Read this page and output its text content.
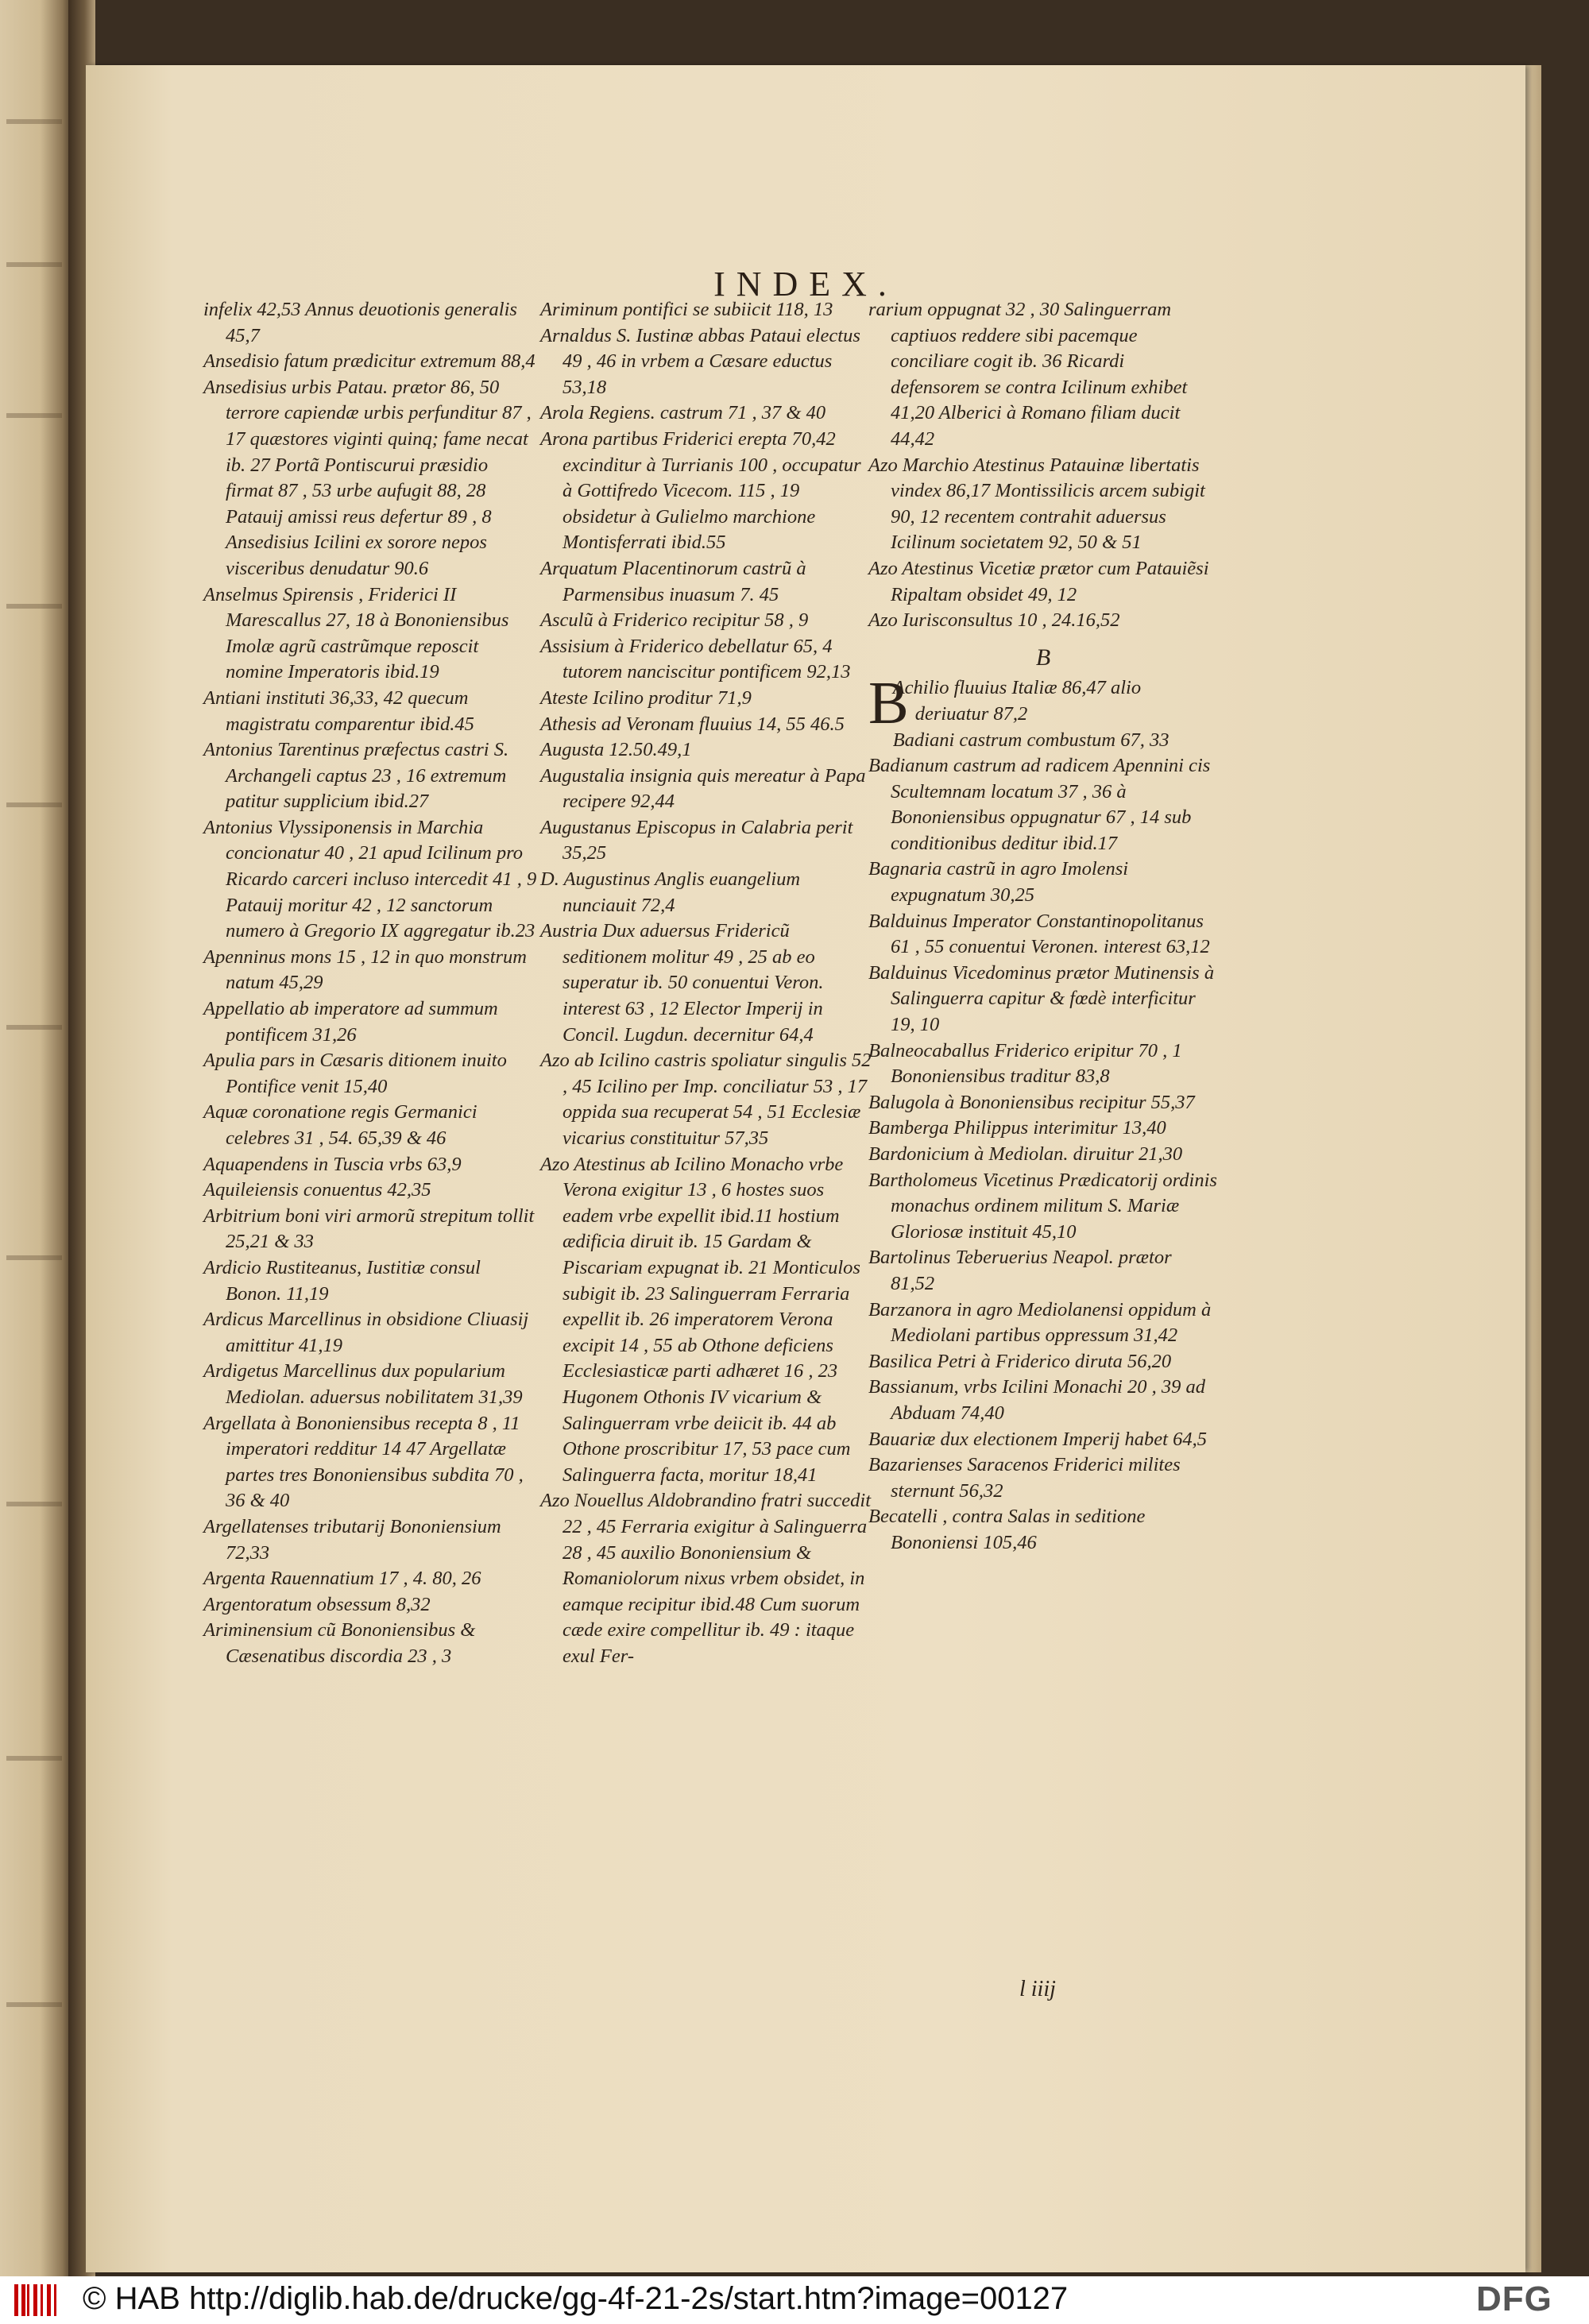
INDEX.

infelix 42,53 Annus deuotionis generalis 45,7

Ansedisio fatum prædicitur extremum 88,4

Ansedisius urbis Patau. prætor 86, 50 terrore capiendæ urbis perfunditur 87 , 17 quæstores viginti quinq; fame necat ib. 27 Portã Pontiscurui præsidio firmat 87 , 53 urbe aufugit 88, 28 Patauij amissi reus defertur 89 , 8 Ansedisius Icilini ex sorore nepos visceribus denudatur 90.6

Anselmus Spirensis , Friderici II Marescallus 27, 18 à Bononiensibus Imolæ agrũ castrũmque reposcit nomine Imperatoris ibid.19

Antiani instituti 36,33, 42 quecum magistratu comparentur ibid.45

Antonius Tarentinus præfectus castri S. Archangeli captus 23 , 16 extremum patitur supplicium ibid.27

Antonius Vlyssiponensis in Marchia concionatur 40 , 21 apud Icilinum pro Ricardo carceri incluso intercedit 41 , 9 Patauij moritur 42 , 12 sanctorum numero à Gregorio IX aggregatur ib.23

Apenninus mons 15 , 12 in quo monstrum natum 45,29

Appellatio ab imperatore ad summum pontificem 31,26

Apulia pars in Cæsaris ditionem inuito Pontifice venit 15,40

Aquæ coronatione regis Germanici celebres 31 , 54. 65,39 & 46

Aquapendens in Tuscia vrbs 63,9

Aquileiensis conuentus 42,35

Arbitrium boni viri armorũ strepitum tollit 25,21 & 33

Ardicio Rustiteanus, Iustitiæ consul Bonon. 11,19

Ardicus Marcellinus in obsidione Cliuasij amittitur 41,19

Ardigetus Marcellinus dux popularium Mediolan. aduersus nobilitatem 31,39

Argellata à Bononiensibus recepta 8 , 11 imperatori redditur 14 47 Argellatæ partes tres Bononiensibus subdita 70 , 36 & 40

Argellatenses tributarij Bononiensium 72,33

Argenta Rauennatium 17 , 4. 80, 26

Argentoratum obsessum 8,32

Ariminensium cũ Bononiensibus & Cæsenatibus discordia 23 , 3

Ariminum pontifici se subiicit 118, 13

Arnaldus S. Iustinæ abbas Pataui electus 49 , 46 in vrbem a Cæsare eductus 53,18

Arola Regiens. castrum 71 , 37 & 40

Arona partibus Friderici erepta 70,42 excinditur à Turrianis 100 , occupatur à Gottifredo Vicecom. 115 , 19 obsidetur à Gulielmo marchione Montisferrati ibid.55

Arquatum Placentinorum castrũ à Parmensibus inuasum 7. 45

Asculũ à Friderico recipitur 58 , 9

Assisium à Friderico debellatur 65, 4 tutorem nanciscitur pontificem 92,13

Ateste Icilino proditur 71,9

Athesis ad Veronam fluuius 14, 55 46.5

Augusta 12.50.49,1

Augustalia insignia quis mereatur à Papa recipere 92,44

Augustanus Episcopus in Calabria perit 35,25

D. Augustinus Anglis euangelium nunciauit 72,4

Austria Dux aduersus Fridericũ seditionem molitur 49 , 25 ab eo superatur ib. 50 conuentui Veron. interest 63 , 12 Elector Imperij in Concil. Lugdun. decernitur 64,4

Azo ab Icilino castris spoliatur singulis 52 , 45 Icilino per Imp. conciliatur 53 , 17 oppida sua recuperat 54 , 51 Ecclesiæ vicarius constituitur 57,35

Azo Atestinus ab Icilino Monacho vrbe Verona exigitur 13 , 6 hostes suos eadem vrbe expellit ibid.11 hostium ædificia diruit ib. 15 Gardam & Piscariam expugnat ib. 21 Monticulos subigit ib. 23 Salinguerram Ferraria expellit ib. 26 imperatorem Verona excipit 14 , 55 ab Othone deficiens Ecclesiasticæ parti adhæret 16 , 23 Hugonem Othonis IV vicarium & Salinguerram vrbe deiicit ib. 44 ab Othone proscribitur 17, 53 pace cum Salinguerra facta, moritur 18,41

Azo Nouellus Aldobrandino fratri succedit 22 , 45 Ferraria exigitur à Salinguerra 28 , 45 auxilio Bononiensium & Romaniolorum nixus vrbem obsidet, in eamque recipitur ibid.48 Cum suorum cæde exire compellitur ib. 49 : itaque exul Fer-

rarium oppugnat 32 , 30 Salinguerram captiuos reddere sibi pacemque conciliare cogit ib. 36 Ricardi defensorem se contra Icilinum exhibet 41,20 Alberici à Romano filiam ducit 44,42

Azo Marchio Atestinus Patauinæ libertatis vindex 86,17 Montissilicis arcem subigit 90, 12 recentem contrahit aduersus Icilinum societatem 92, 50 & 51

Azo Atestinus Vicetiæ prætor cum Patauiẽsi Ripaltam obsidet 49, 12

Azo Iurisconsultus 10 , 24.16,52

B
B

Achilio fluuius Italiæ 86,47 alio deriuatur 87,2

Badiani castrum combustum 67, 33

Badianum castrum ad radicem Apennini cis Scultemnam locatum 37 , 36 à Bononiensibus oppugnatur 67 , 14 sub conditionibus deditur ibid.17

Bagnaria castrũ in agro Imolensi expugnatum 30,25

Balduinus Imperator Constantinopolitanus 61 , 55 conuentui Veronen. interest 63,12

Balduinus Vicedominus prætor Mutinensis à Salinguerra capitur & fœdè interficitur 19, 10

Balneocaballus Friderico eripitur 70 , 1 Bononiensibus traditur 83,8

Balugola à Bononiensibus recipitur 55,37

Bamberga Philippus interimitur 13,40

Bardonicium à Mediolan. diruitur 21,30

Bartholomeus Vicetinus Prædicatorij ordinis monachus ordinem militum S. Mariæ Gloriosæ instituit 45,10

Bartolinus Teberuerius Neapol. prætor 81,52

Barzanora in agro Mediolanensi oppidum à Mediolani partibus oppressum 31,42

Basilica Petri à Friderico diruta 56,20

Bassianum, vrbs Icilini Monachi 20 , 39 ad Abduam 74,40

Bauariæ dux electionem Imperij habet 64,5

Bazarienses Saracenos Friderici milites sternunt 56,32

Becatelli , contra Salas in seditione Bononiensi 105,46

l iiij
© HAB http://diglib.hab.de/drucke/gg-4f-21-2s/start.htm?image=00127	DFG
